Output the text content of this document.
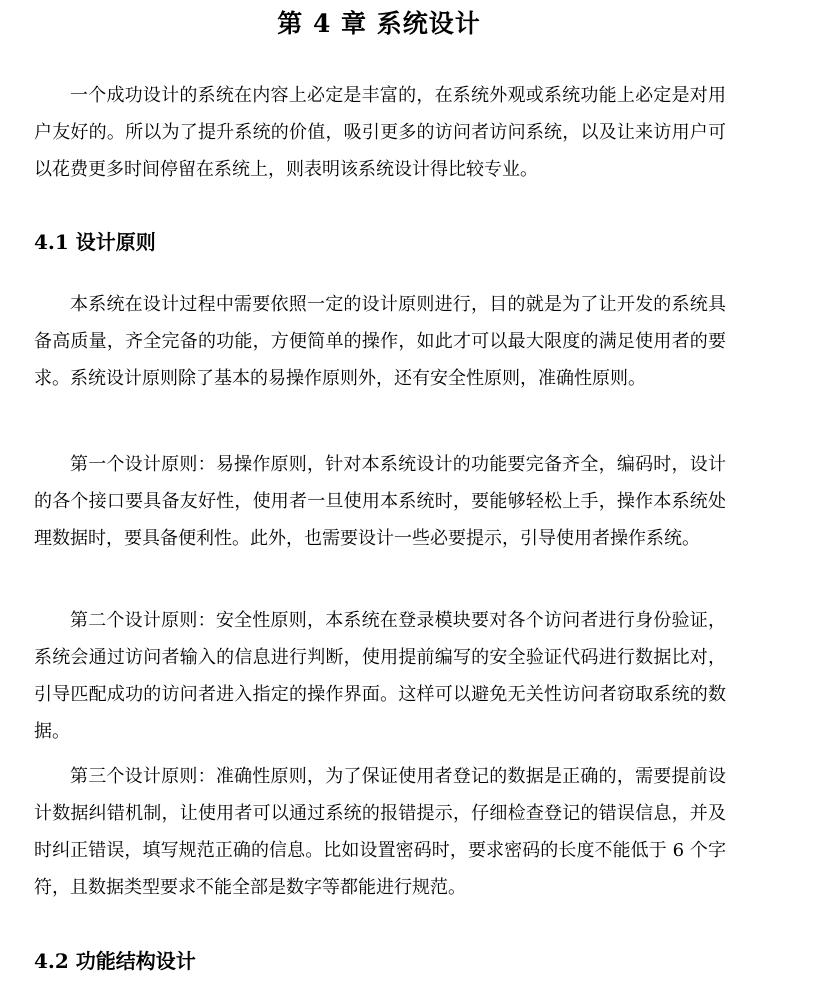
第 4 章 系统设计

一个成功设计的系统在内容上必定是丰富的，在系统外观或系统功能上必定是对用户友好的。所以为了提升系统的价值，吸引更多的访问者访问系统，以及让来访用户可以花费更多时间停留在系统上，则表明该系统设计得比较专业。

4.1 设计原则

本系统在设计过程中需要依照一定的设计原则进行，目的就是为了让开发的系统具备高质量，齐全完备的功能，方便简单的操作，如此才可以最大限度的满足使用者的要求。系统设计原则除了基本的易操作原则外，还有安全性原则，准确性原则。

第一个设计原则：易操作原则，针对本系统设计的功能要完备齐全，编码时，设计的各个接口要具备友好性，使用者一旦使用本系统时，要能够轻松上手，操作本系统处理数据时，要具备便利性。此外，也需要设计一些必要提示，引导使用者操作系统。

第二个设计原则：安全性原则，本系统在登录模块要对各个访问者进行身份验证，系统会通过访问者输入的信息进行判断，使用提前编写的安全验证代码进行数据比对，引导匹配成功的访问者进入指定的操作界面。这样可以避免无关性访问者窃取系统的数据。

第三个设计原则：准确性原则，为了保证使用者登记的数据是正确的，需要提前设计数据纠错机制，让使用者可以通过系统的报错提示，仔细检查登记的错误信息，并及时纠正错误，填写规范正确的信息。比如设置密码时，要求密码的长度不能低于 6 个字符，且数据类型要求不能全部是数字等都能进行规范。

4.2 功能结构设计
